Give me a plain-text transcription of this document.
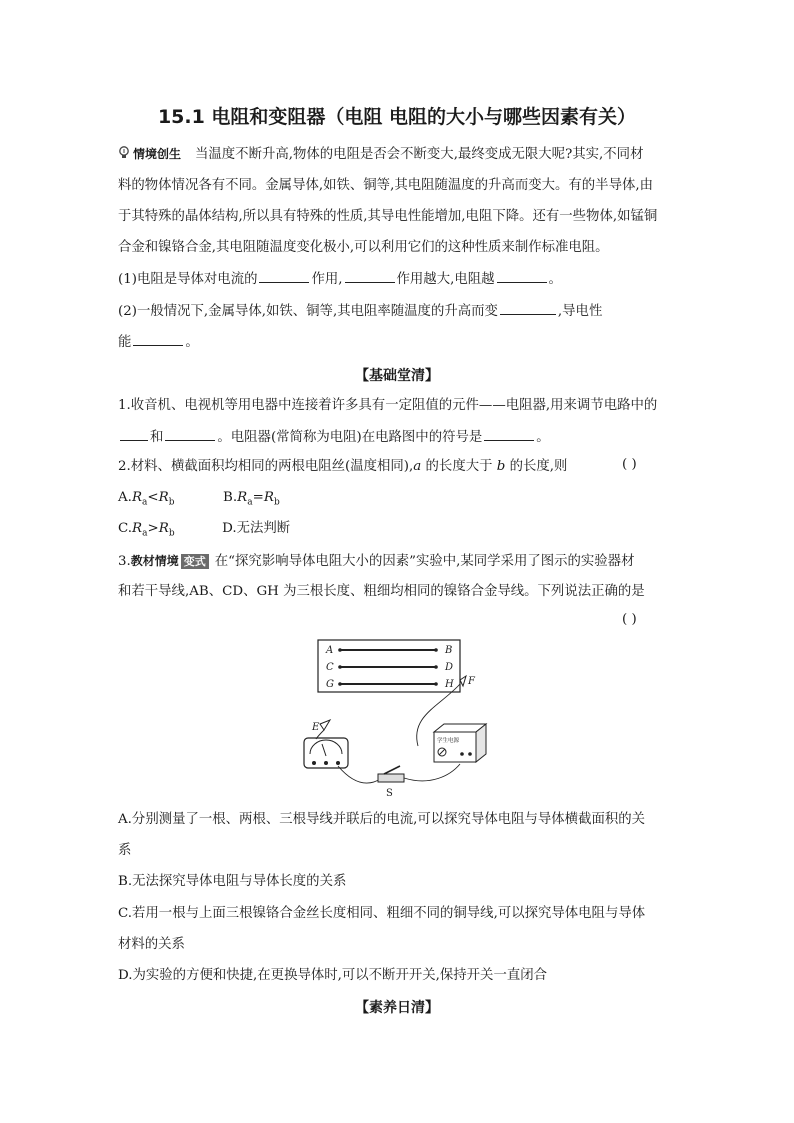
15.1 电阻和变阻器（电阻 电阻的大小与哪些因素有关）
情境创生 当温度不断升高,物体的电阻是否会不断变大,最终变成无限大呢?其实,不同材
料的物体情况各有不同。金属导体,如铁、铜等,其电阻随温度的升高而变大。有的半导体,由
于其特殊的晶体结构,所以具有特殊的性质,其导电性能增加,电阻下降。还有一些物体,如锰铜
合金和镍铬合金,其电阻随温度变化极小,可以利用它们的这种性质来制作标准电阻。
(1)电阻是导体对电流的	作用,	作用越大,电阻越	。
(2)一般情况下,金属导体,如铁、铜等,其电阻率随温度的升高而变	,导电性
能	。
【基础堂清】
1.收音机、电视机等用电器中连接着许多具有一定阻值的元件——电阻器,用来调节电路中的
和	。电阻器(常简称为电阻)在电路图中的符号是	。
2.材料、横截面积均相同的两根电阻丝(温度相同),a 的长度大于 b 的长度,则	( )
$A.R_a<R_b$	$B.R_a=R_b$
$C.R_a>R_b$	D.无法判断
3.教材情境 变式 在“探究影响导体电阻大小的因素”实验中,某同学采用了图示的实验器材
和若干导线,AB、CD、GH 为三根长度、粗细均相同的镍铬合金导线。下列说法正确的是
( )
A	B
C	D
G	H F
E
S
学生电源
A.分别测量了一根、两根、三根导线并联后的电流,可以探究导体电阻与导体横截面积的关
系
B.无法探究导体电阻与导体长度的关系
C.若用一根与上面三根镍铬合金丝长度相同、粗细不同的铜导线,可以探究导体电阻与导体
材料的关系
D.为实验的方便和快捷,在更换导体时,可以不断开开关,保持开关一直闭合
【素养日清】
